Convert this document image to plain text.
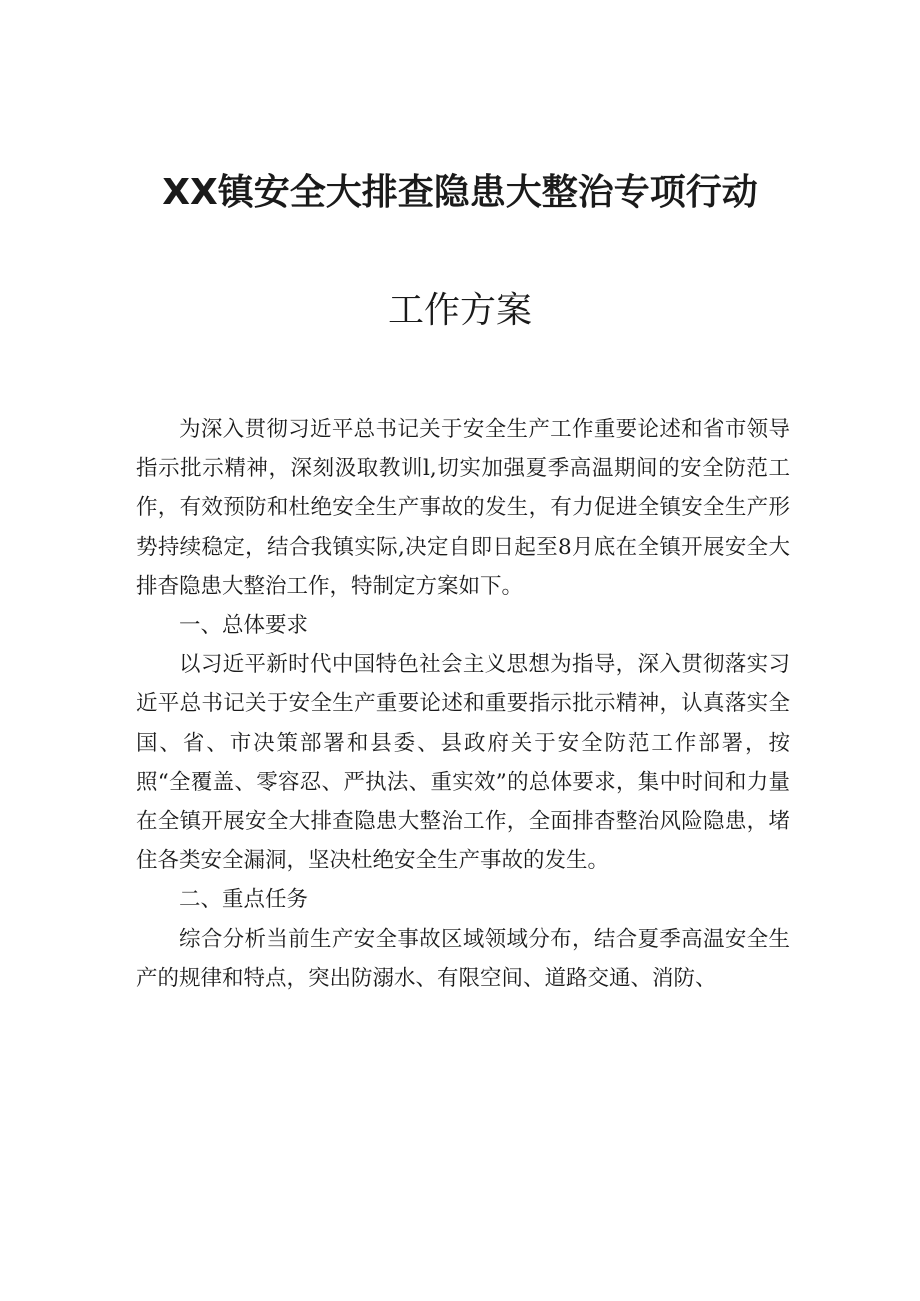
XX镇安全大排查隐患大整治专项行动
工作方案

为深入贯彻习近平总书记关于安全生产工作重要论述和省市领导指示批示精神，深刻汲取教训l,切实加强夏季高温期间的安全防范工作，有效预防和杜绝安全生产事故的发生，有力促进全镇安全生产形势持续稳定，结合我镇实际,决定自即日起至8月底在全镇开展安全大排杳隐患大整治工作，特制定方案如下。

一、总体要求

以习近平新时代中国特色社会主义思想为指导，深入贯彻落实习近平总书记关于安全生产重要论述和重要指示批示精神，认真落实全国、省、市决策部署和县委、县政府关于安全防范工作部署，按照“全覆盖、零容忍、严执法、重实效”的总体要求，集中时间和力量在全镇开展安全大排查隐患大整治工作，全面排杳整治风险隐患，堵住各类安全漏洞，坚决杜绝安全生产事故的发生。

二、重点任务

综合分析当前生产安全事故区域领域分布，结合夏季高温安全生产的规律和特点，突出防溺水、有限空间、道路交通、消防、
